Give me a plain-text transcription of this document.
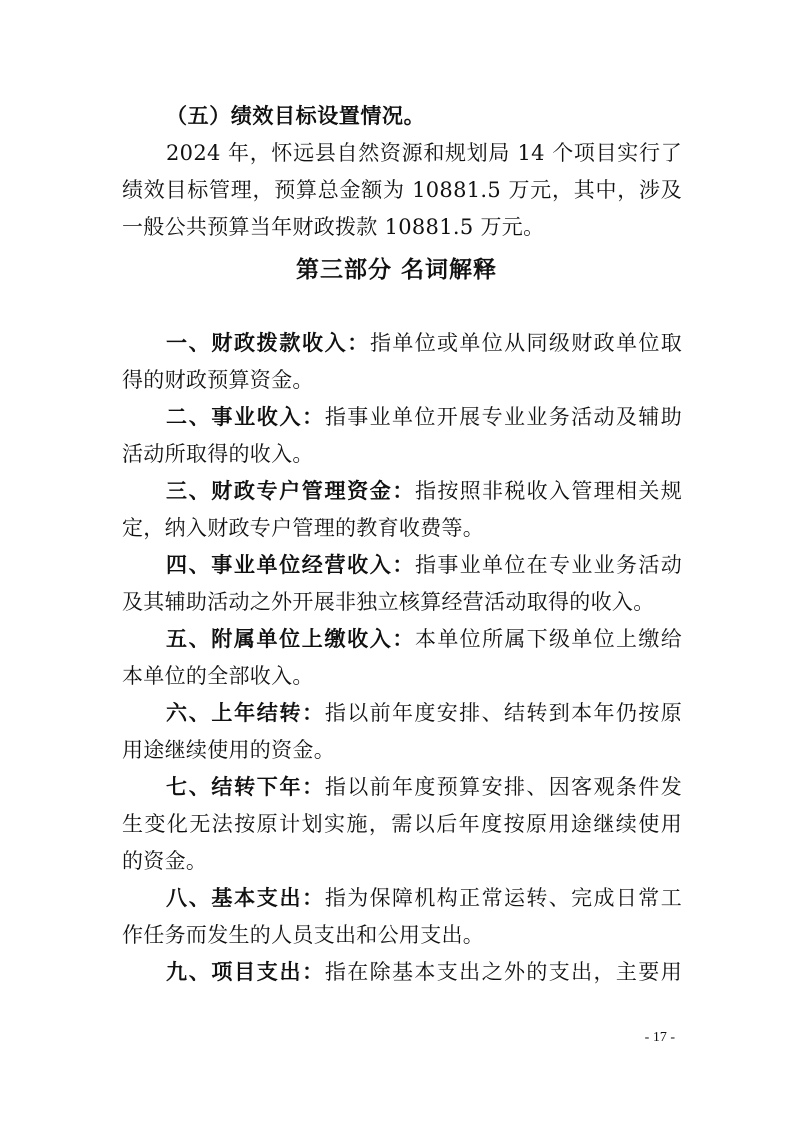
（五）绩效目标设置情况。
2024 年，怀远县自然资源和规划局 14 个项目实行了
绩效目标管理，预算总金额为 10881.5 万元，其中，涉及
一般公共预算当年财政拨款 10881.5 万元。
第三部分 名词解释
一、财政拨款收入：指单位或单位从同级财政单位取
得的财政预算资金。
二、事业收入：指事业单位开展专业业务活动及辅助
活动所取得的收入。
三、财政专户管理资金：指按照非税收入管理相关规
定，纳入财政专户管理的教育收费等。
四、事业单位经营收入：指事业单位在专业业务活动
及其辅助活动之外开展非独立核算经营活动取得的收入。
五、附属单位上缴收入：本单位所属下级单位上缴给
本单位的全部收入。
六、上年结转：指以前年度安排、结转到本年仍按原
用途继续使用的资金。
七、结转下年：指以前年度预算安排、因客观条件发
生变化无法按原计划实施，需以后年度按原用途继续使用
的资金。
八、基本支出：指为保障机构正常运转、完成日常工
作任务而发生的人员支出和公用支出。
九、项目支出：指在除基本支出之外的支出，主要用
- 17 -
